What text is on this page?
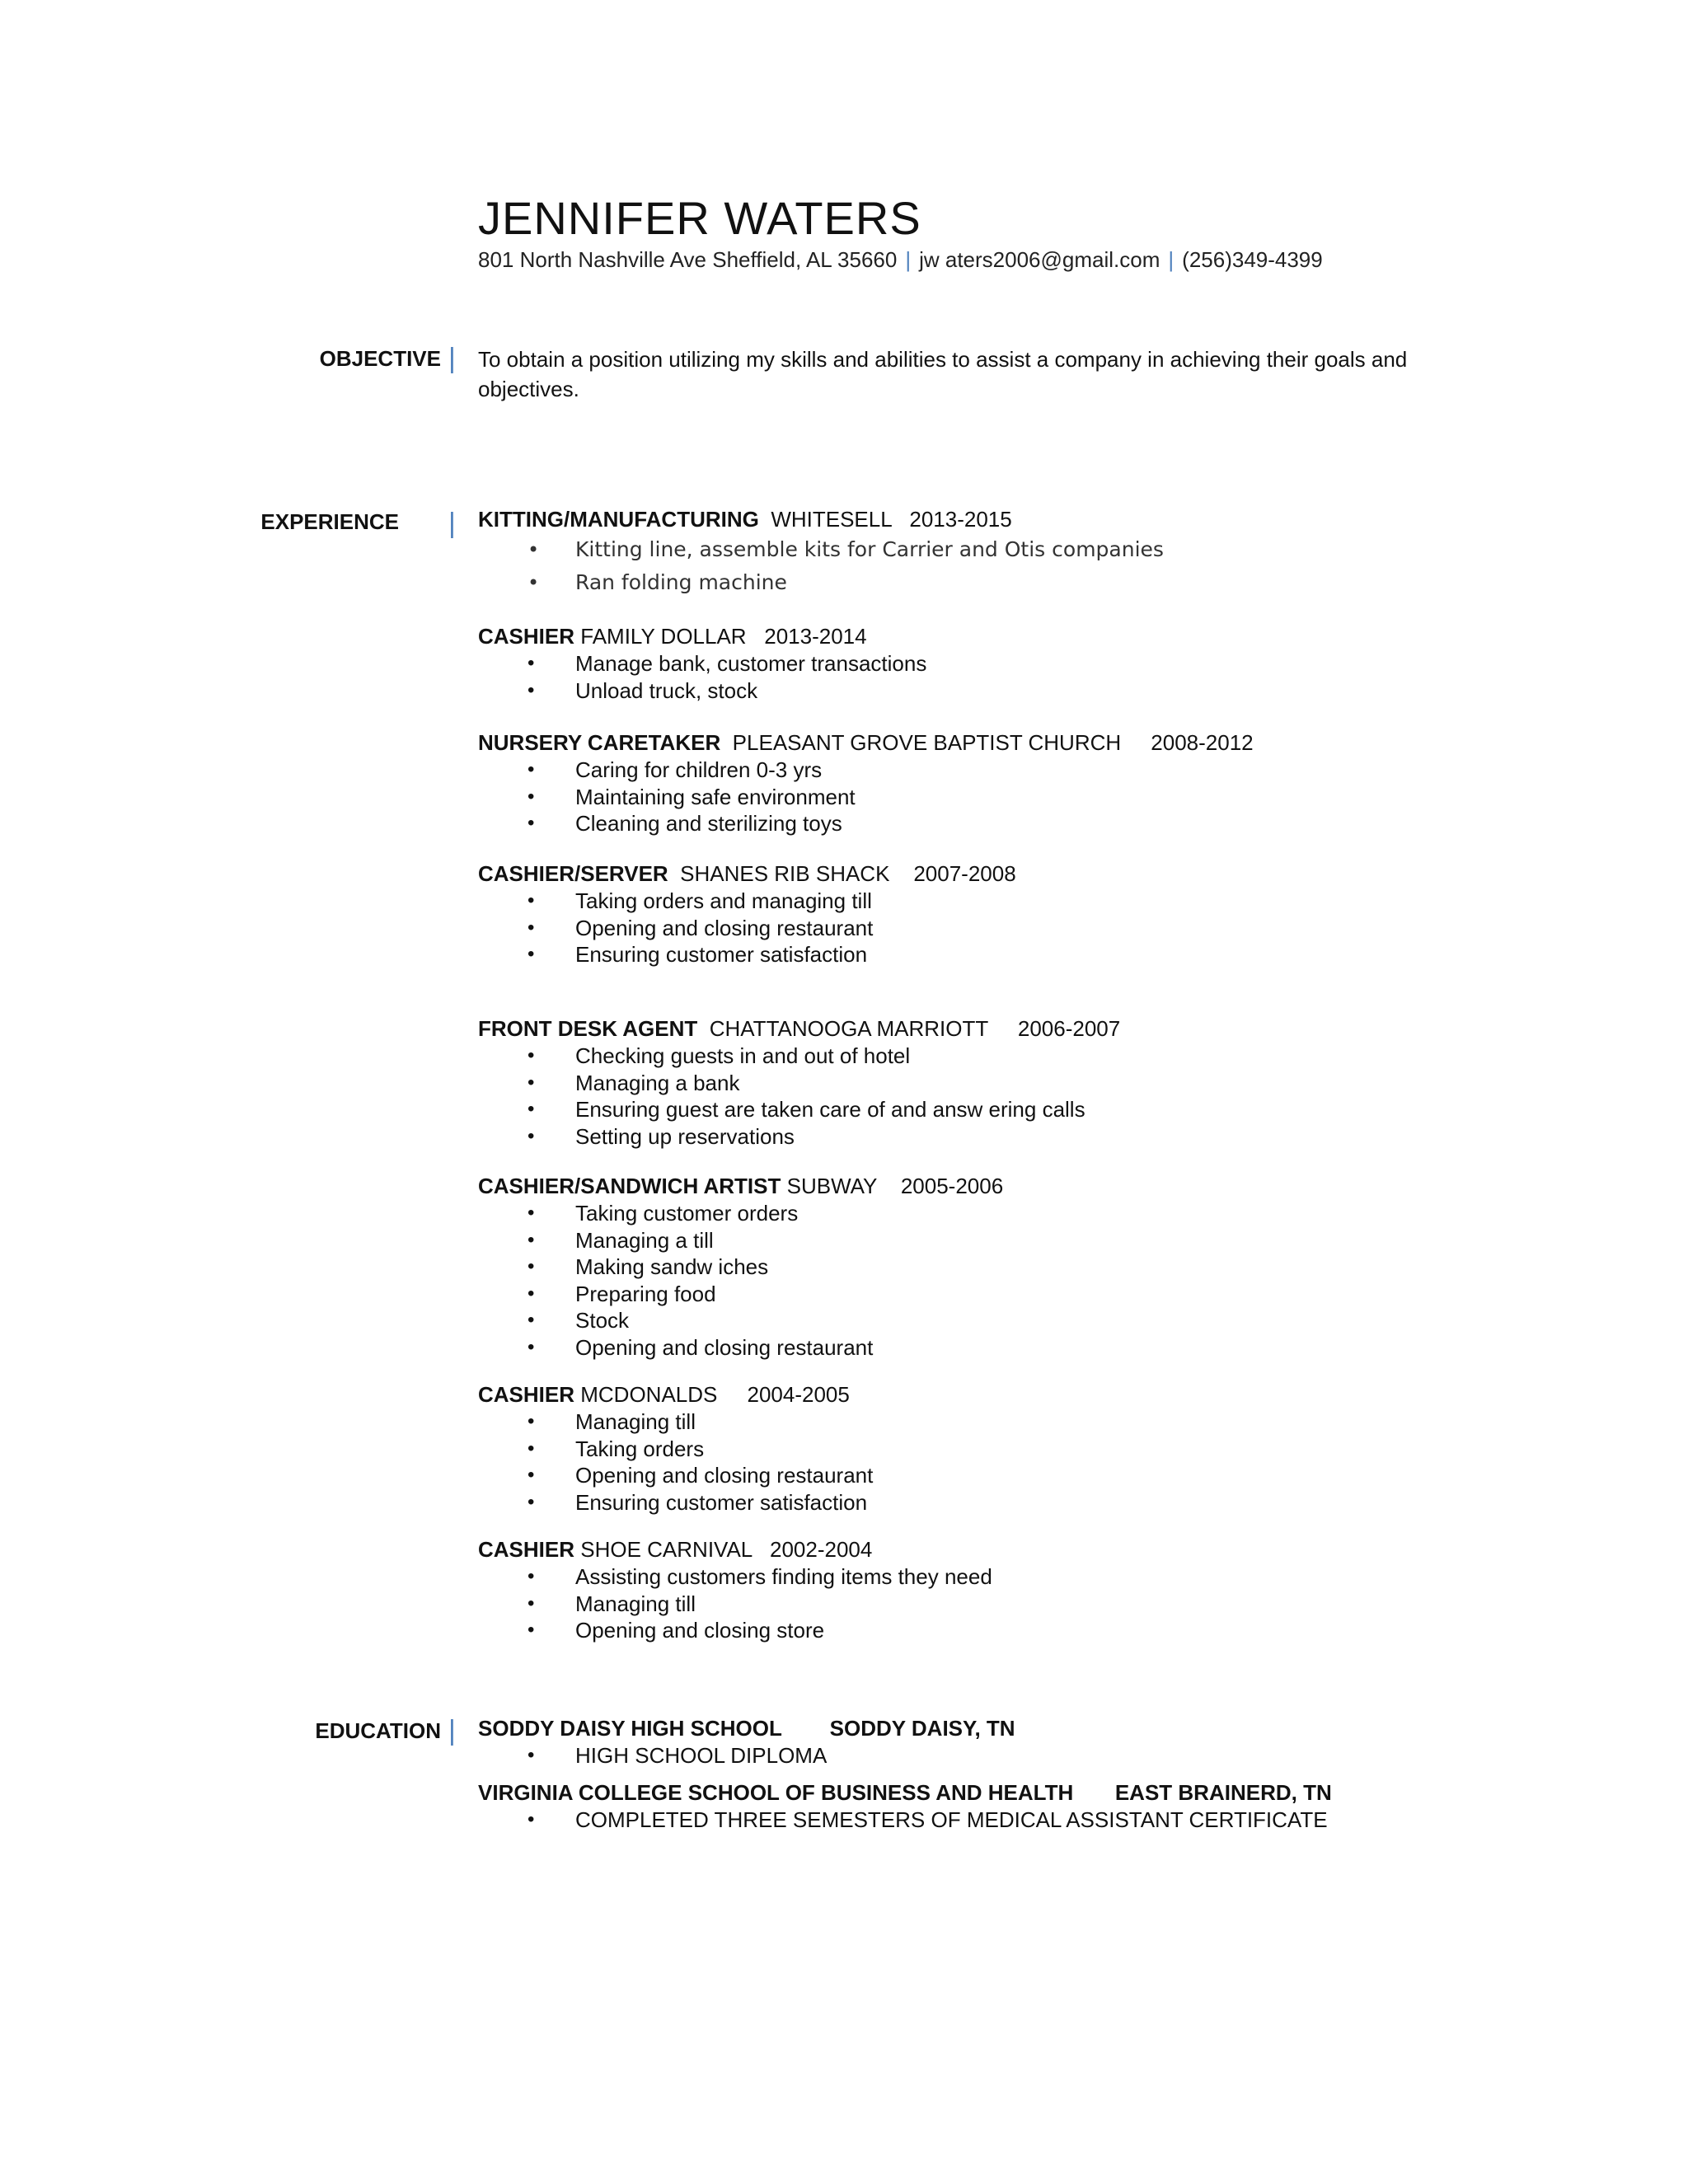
JENNIFER WATERS
801 North Nashville Ave Sheffield, AL 35660 | jw aters2006@gmail.com | (256)349-4399
OBJECTIVE | To obtain a position utilizing my skills and abilities to assist a company in achieving their goals and objectives.
EXPERIENCE | KITTING/MANUFACTURING WHITESELL 2013-2015
• Kitting line, assemble kits for Carrier and Otis companies
• Ran folding machine
CASHIER FAMILY DOLLAR 2013-2014
• Manage bank, customer transactions
• Unload truck, stock
NURSERY CARETAKER PLEASANT GROVE BAPTIST CHURCH 2008-2012
• Caring for children 0-3 yrs
• Maintaining safe environment
• Cleaning and sterilizing toys
CASHIER/SERVER SHANES RIB SHACK 2007-2008
• Taking orders and managing till
• Opening and closing restaurant
• Ensuring customer satisfaction
FRONT DESK AGENT CHATTANOOGA MARRIOTT 2006-2007
• Checking guests in and out of hotel
• Managing a bank
• Ensuring guest are taken care of and answ ering calls
• Setting up reservations
CASHIER/SANDWICH ARTIST SUBWAY 2005-2006
• Taking customer orders
• Managing a till
• Making sandw iches
• Preparing food
• Stock
• Opening and closing restaurant
CASHIER MCDONALDS 2004-2005
• Managing till
• Taking orders
• Opening and closing restaurant
• Ensuring customer satisfaction
CASHIER SHOE CARNIVAL 2002-2004
• Assisting customers finding items they need
• Managing till
• Opening and closing store
EDUCATION | SODDY DAISY HIGH SCHOOL SODDY DAISY, TN
• HIGH SCHOOL DIPLOMA
VIRGINIA COLLEGE SCHOOL OF BUSINESS AND HEALTH EAST BRAINERD, TN
• COMPLETED THREE SEMESTERS OF MEDICAL ASSISTANT CERTIFICATE
